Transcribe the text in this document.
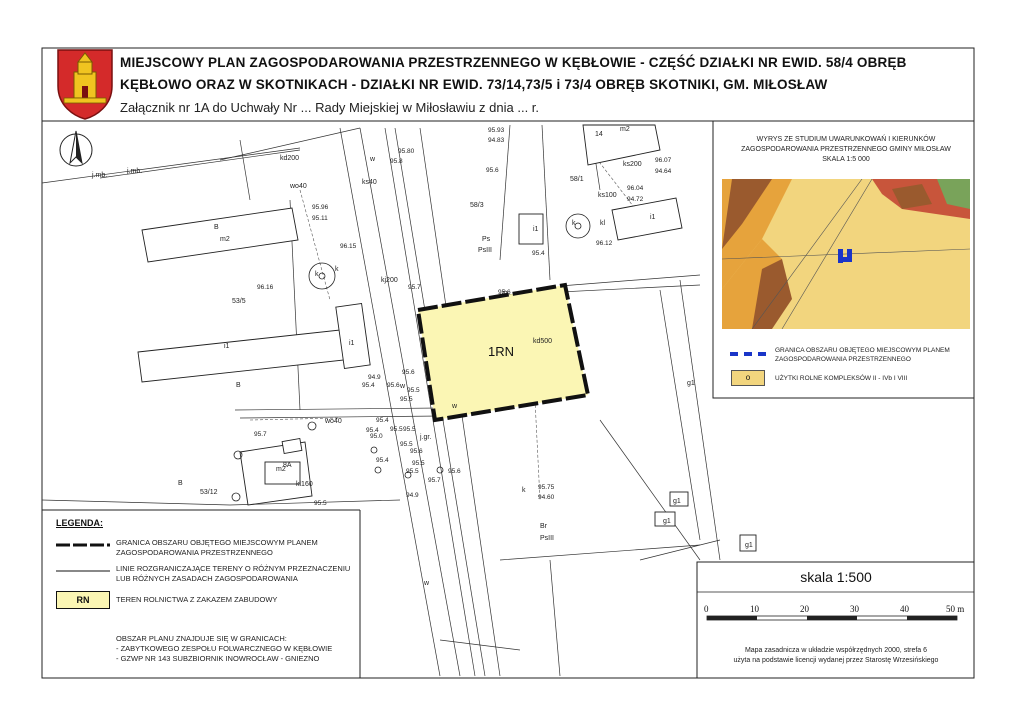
MIEJSCOWY PLAN ZAGOSPODAROWANIA PRZESTRZENNEGO W KĘBŁOWIE - CZĘŚĆ DZIAŁKI NR EWID. 58/4 OBRĘB
KĘBŁOWO ORAZ W SKOTNIKACH - DZIAŁKI NR EWID. 73/14,73/5 i 73/4 OBRĘB SKOTNIKI, GM. MIŁOSŁAW
Załącznik nr 1A do Uchwały Nr ... Rady Miejskiej w Miłosławiu z dnia ... r.
WYRYS ZE STUDIUM UWARUNKOWAŃ I KIERUNKÓW
ZAGOSPODAROWANIA PRZESTRZENNEGO GMINY MIŁOSŁAW
SKALA 1:5 000
GRANICA OBSZARU OBJĘTEGO MIEJSCOWYM PLANEM
ZAGOSPODAROWANIA PRZESTRZENNEGO
o	UŻYTKI ROLNE KOMPLEKSÓW II - IVb I VIII
skala 1:500
0	10	20	30	40	50 m
Mapa zasadnicza w układzie współrzędnych 2000, strefa 6
użyta na podstawie licencji wydanej przez Starostę Wrzesińskiego
LEGENDA:
GRANICA OBSZARU OBJĘTEGO MIEJSCOWYM PLANEM
ZAGOSPODAROWANIA PRZESTRZENNEGO
LINIE ROZGRANICZAJĄCE TERENY O RÓŻNYM PRZEZNACZENIU
LUB RÓŻNYCH ZASADACH ZAGOSPODAROWANIA
RN	TEREN ROLNICTWA Z ZAKAZEM ZABUDOWY
OBSZAR PLANU ZNAJDUJE SIĘ W GRANICACH:
- ZABYTKOWEGO ZESPOŁU FOLWARCZNEGO W KĘBŁOWIE
- GZWP NR 143 SUBZBIORNIK INOWROCŁAW - GNIEZNO
1RN
58/3
58/1
53/5
53/12
B
B
B
m2
m2
m2
i1
i1
i1
i1
Ps
PsIII
Br
PsIII
g1
g1
g1
g1
14
8A
j.mb.
j.mb.
w
w
w
w
k
k
k
k
kl
ks200
kd200
kd500
wo40
wo40
kl160
ks40
ks100
kj200
j.gr.
95.93
94.83
95.80
95.8
95.6
96.07
94.64
96.04
94.72
95.96
95.11
96.15
96.16
96.12
95.4
95.7
95.6
95.6
94.9
95.4 95.6
95.5
95.5
95.4
95.7
95.4 95.5
95.0
95.5
95.5
95.4
95.6
95.5
95.5
95.7
94.9
95.6
95.75
94.60
95.5
